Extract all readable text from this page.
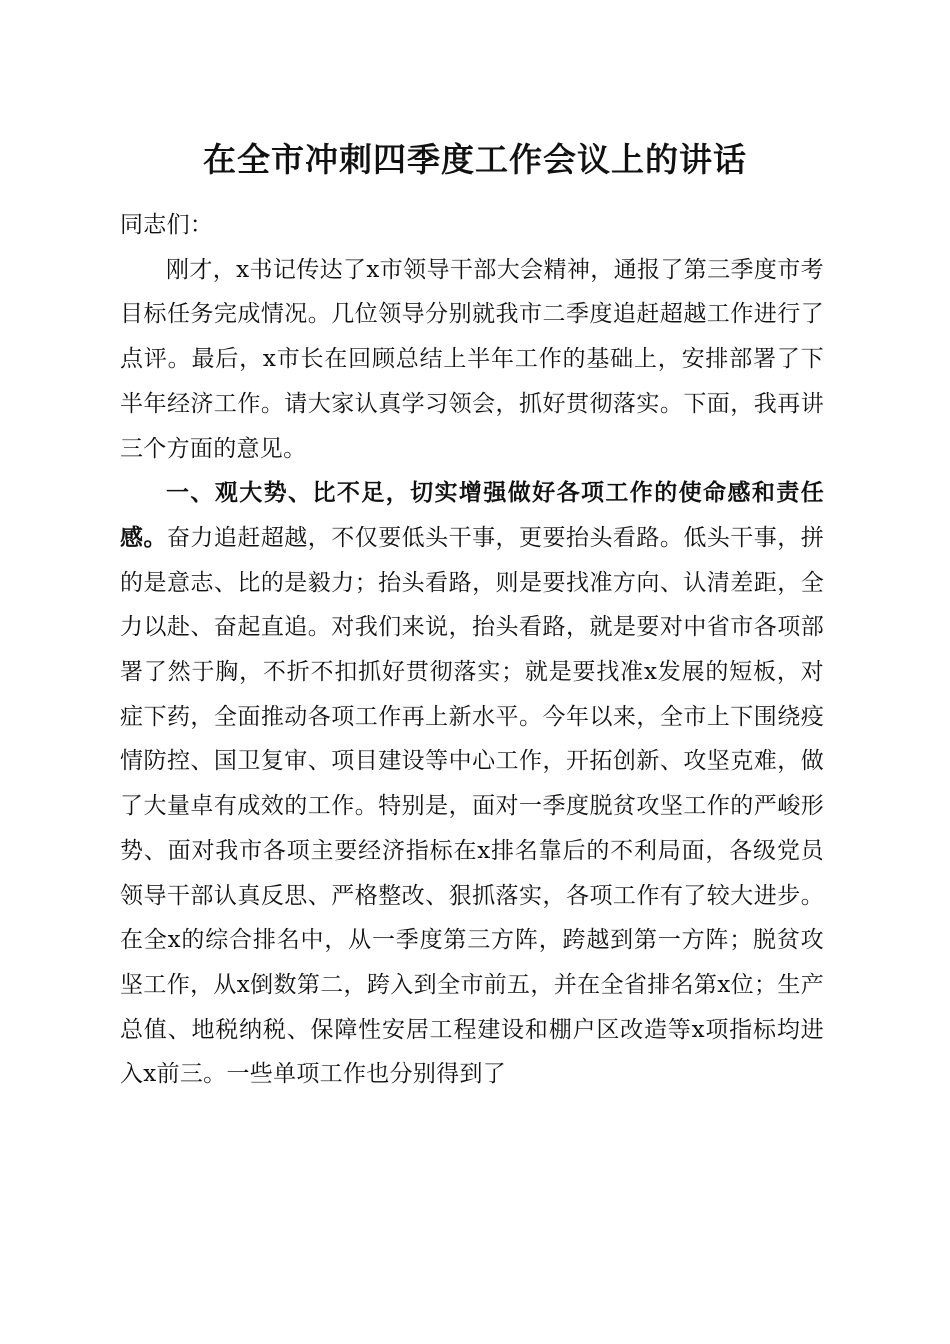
在全市冲刺四季度工作会议上的讲话

同志们：

刚才，x书记传达了x市领导干部大会精神，通报了第三季度市考目标任务完成情况。几位领导分别就我市二季度追赶超越工作进行了点评。最后，x市长在回顾总结上半年工作的基础上，安排部署了下半年经济工作。请大家认真学习领会，抓好贯彻落实。下面，我再讲三个方面的意见。

一、观大势、比不足，切实增强做好各项工作的使命感和责任感。奋力追赶超越，不仅要低头干事，更要抬头看路。低头干事，拼的是意志、比的是毅力；抬头看路，则是要找准方向、认清差距，全力以赴、奋起直追。对我们来说，抬头看路，就是要对中省市各项部署了然于胸，不折不扣抓好贯彻落实；就是要找准x发展的短板，对症下药，全面推动各项工作再上新水平。今年以来，全市上下围绕疫情防控、国卫复审、项目建设等中心工作，开拓创新、攻坚克难，做了大量卓有成效的工作。特别是，面对一季度脱贫攻坚工作的严峻形势、面对我市各项主要经济指标在x排名靠后的不利局面，各级党员领导干部认真反思、严格整改、狠抓落实，各项工作有了较大进步。在全x的综合排名中，从一季度第三方阵，跨越到第一方阵；脱贫攻坚工作，从x倒数第二，跨入到全市前五，并在全省排名第x位；生产总值、地税纳税、保障性安居工程建设和棚户区改造等x项指标均进入x前三。一些单项工作也分别得到了
